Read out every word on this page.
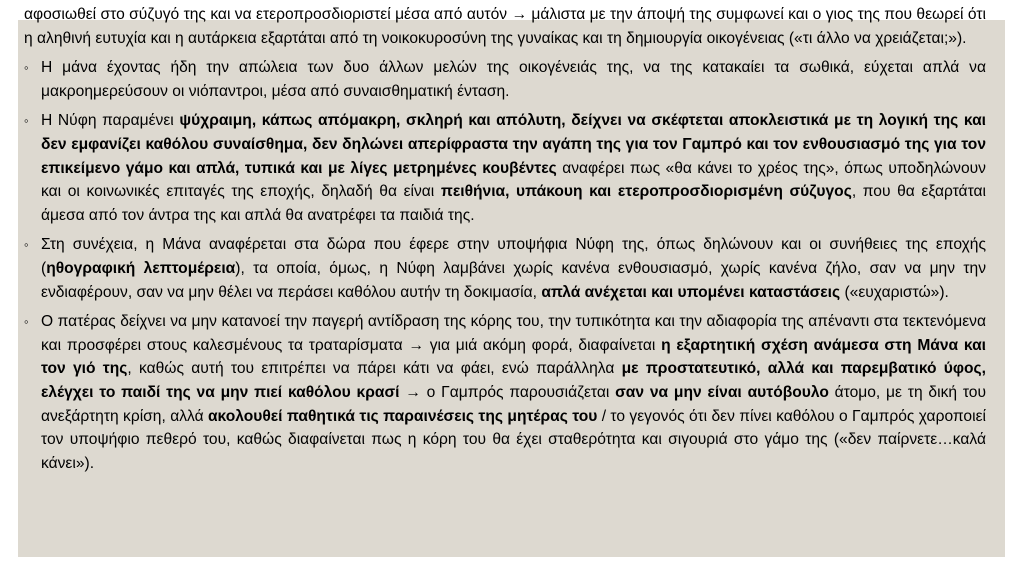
αφοσιωθεί στο σύζυγό της και να ετεροπροσδιοριστεί μέσα από αυτόν → μάλιστα με την άποψή της συμφωνεί και ο γιος της που θεωρεί ότι η αληθινή ευτυχία και η αυτάρκεια εξαρτάται από τη νοικοκυροσύνη της γυναίκας και τη δημιουργία οικογένειας («τι άλλο να χρειάζεται;»).

◦ Η μάνα έχοντας ήδη την απώλεια των δυο άλλων μελών της οικογένειάς της, να της κατακαίει τα σωθικά, εύχεται απλά να μακροημερεύσουν οι νιόπαντροι, μέσα από συναισθηματική ένταση.
◦ Η Νύφη παραμένει ψύχραιμη, κάπως απόμακρη, σκληρή και απόλυτη, δείχνει να σκέφτεται αποκλειστικά με τη λογική της και δεν εμφανίζει καθόλου συναίσθημα, δεν δηλώνει απερίφραστα την αγάπη της για τον Γαμπρό και τον ενθουσιασμό της για τον επικείμενο γάμο και απλά, τυπικά και με λίγες μετρημένες κουβέντες αναφέρει πως «θα κάνει το χρέος της», όπως υποδηλώνουν και οι κοινωνικές επιταγές της εποχής, δηλαδή θα είναι πειθήνια, υπάκουη και ετεροπροσδιορισμένη σύζυγος, που θα εξαρτάται άμεσα από τον άντρα της και απλά θα ανατρέφει τα παιδιά της.
◦ Στη συνέχεια, η Μάνα αναφέρεται στα δώρα που έφερε στην υποψήφια Νύφη της, όπως δηλώνουν και οι συνήθειες της εποχής (ηθογραφική λεπτομέρεια), τα οποία, όμως, η Νύφη λαμβάνει χωρίς κανένα ενθουσιασμό, χωρίς κανένα ζήλο, σαν να μην την ενδιαφέρουν, σαν να μην θέλει να περάσει καθόλου αυτήν τη δοκιμασία, απλά ανέχεται και υπομένει καταστάσεις («ευχαριστώ»).
◦ Ο πατέρας δείχνει να μην κατανοεί την παγερή αντίδραση της κόρης του, την τυπικότητα και την αδιαφορία της απέναντι στα τεκτενόμενα και προσφέρει στους καλεσμένους τα τραταρίσματα → για μιά ακόμη φορά, διαφαίνεται η εξαρτητική σχέση ανάμεσα στη Μάνα και τον γιό της, καθώς αυτή του επιτρέπει να πάρει κάτι να φάει, ενώ παράλληλα με προστατευτικό, αλλά και παρεμβατικό ύφος, ελέγχει το παιδί της να μην πιεί καθόλου κρασί → ο Γαμπρός παρουσιάζεται σαν να μην είναι αυτόβουλο άτομο, με τη δική του ανεξάρτητη κρίση, αλλά ακολουθεί παθητικά τις παραινέσεις της μητέρας του / το γεγονός ότι δεν πίνει καθόλου ο Γαμπρός χαροποιεί τον υποψήφιο πεθερό του, καθώς διαφαίνεται πως η κόρη του θα έχει σταθερότητα και σιγουριά στο γάμο της («δεν παίρνετε…καλά κάνει»).
